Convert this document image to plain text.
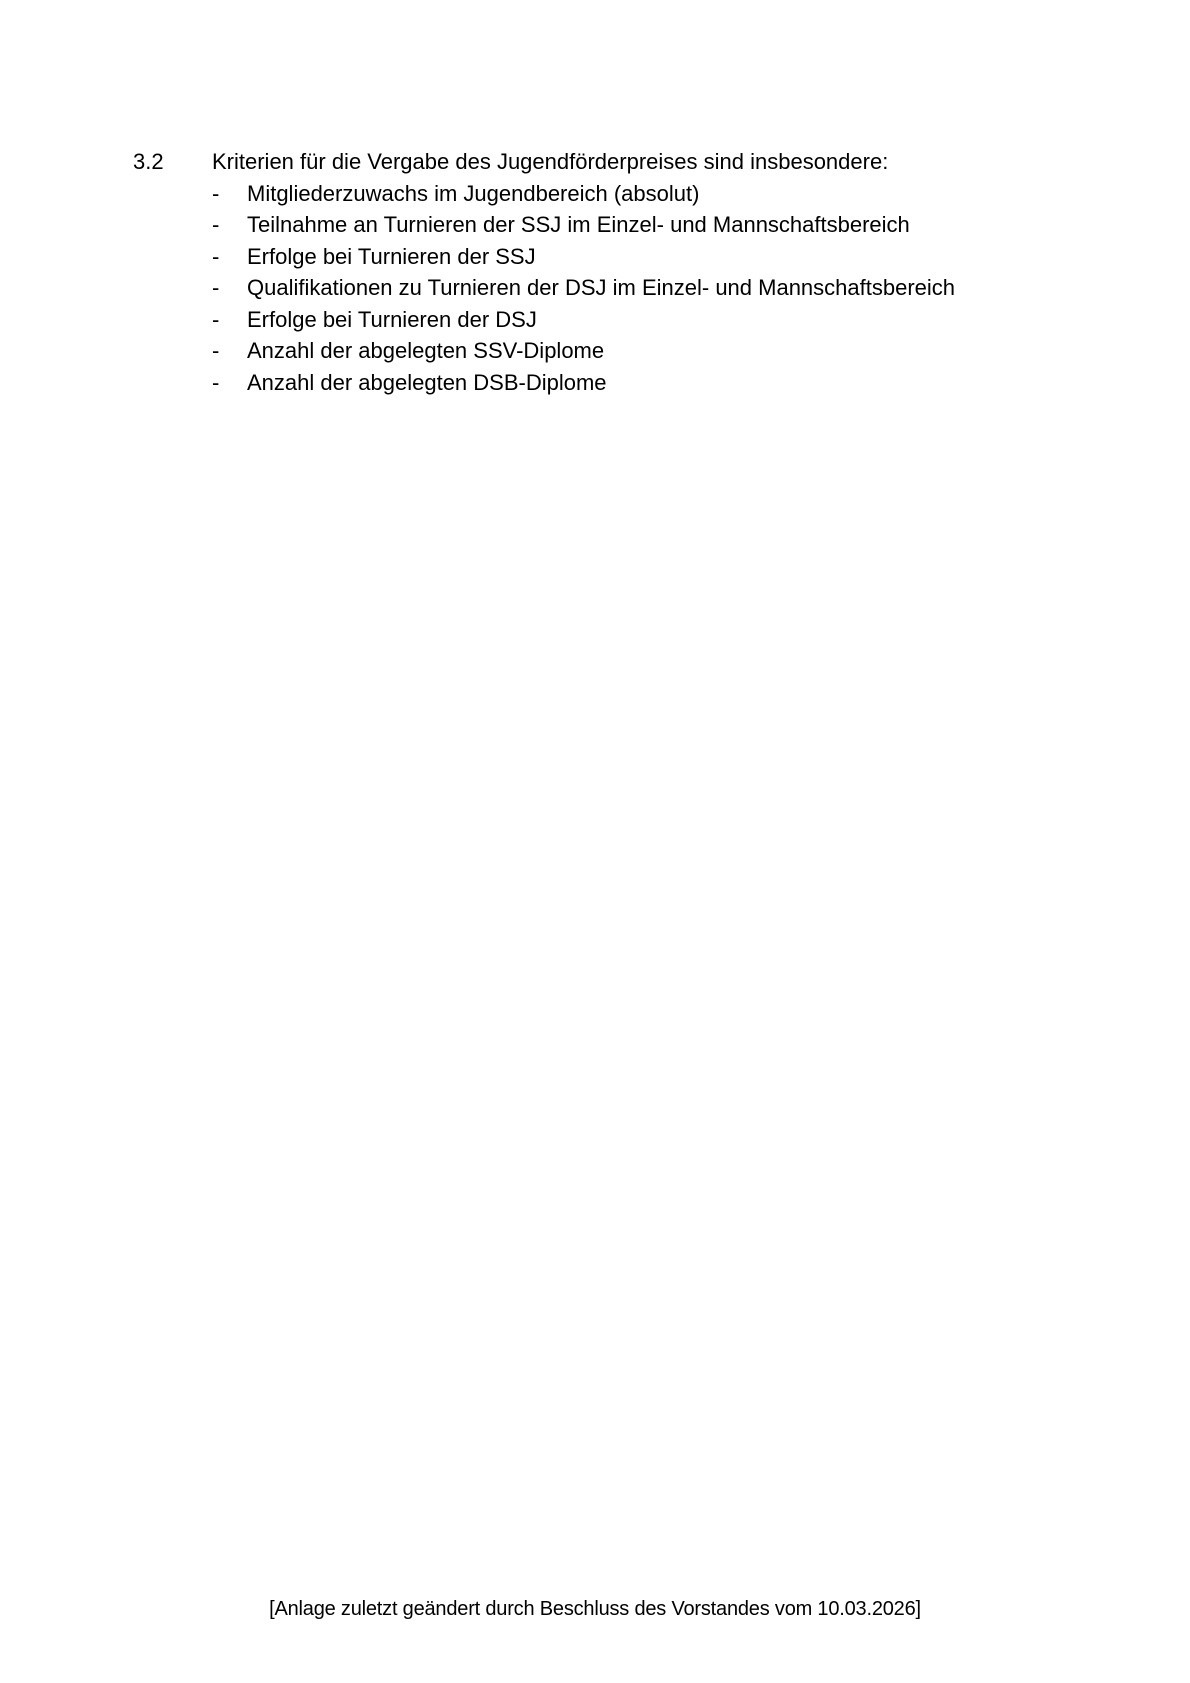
3.2	Kriterien für die Vergabe des Jugendförderpreises sind insbesondere:
-	Mitgliederzuwachs im Jugendbereich (absolut)
-	Teilnahme an Turnieren der SSJ im Einzel- und Mannschaftsbereich
-	Erfolge bei Turnieren der SSJ
-	Qualifikationen zu Turnieren der DSJ im Einzel- und Mannschaftsbereich
-	Erfolge bei Turnieren der DSJ
-	Anzahl der abgelegten SSV-Diplome
-	Anzahl der abgelegten DSB-Diplome
[Anlage zuletzt geändert durch Beschluss des Vorstandes vom 10.03.2026]
